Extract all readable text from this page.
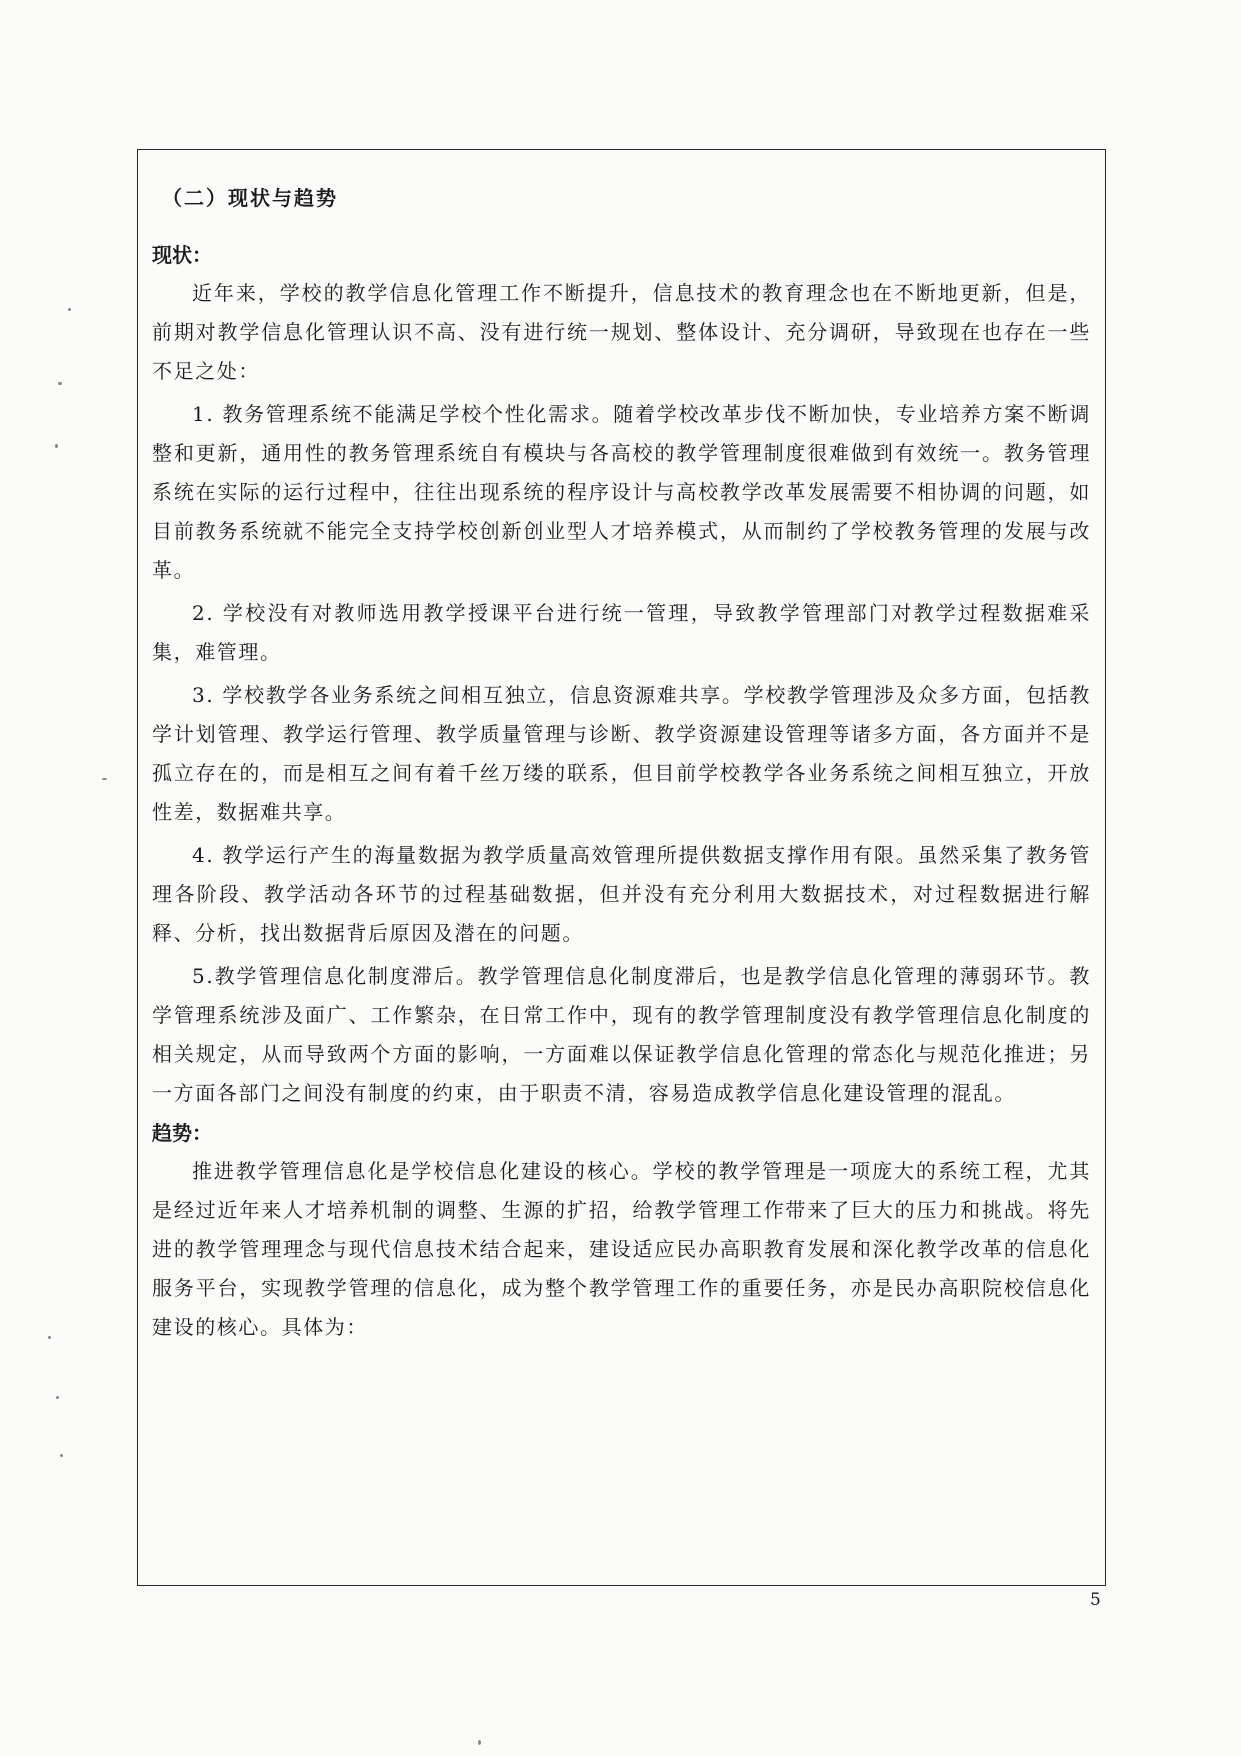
（二）现状与趋势
现状：

近年来，学校的教学信息化管理工作不断提升，信息技术的教育理念也在不断地更新，但是，前期对教学信息化管理认识不高、没有进行统一规划、整体设计、充分调研，导致现在也存在一些不足之处：

1. 教务管理系统不能满足学校个性化需求。随着学校改革步伐不断加快，专业培养方案不断调整和更新，通用性的教务管理系统自有模块与各高校的教学管理制度很难做到有效统一。教务管理系统在实际的运行过程中，往往出现系统的程序设计与高校教学改革发展需要不相协调的问题，如目前教务系统就不能完全支持学校创新创业型人才培养模式，从而制约了学校教务管理的发展与改革。

2. 学校没有对教师选用教学授课平台进行统一管理，导致教学管理部门对教学过程数据难采集，难管理。

3. 学校教学各业务系统之间相互独立，信息资源难共享。学校教学管理涉及众多方面，包括教学计划管理、教学运行管理、教学质量管理与诊断、教学资源建设管理等诸多方面，各方面并不是孤立存在的，而是相互之间有着千丝万缕的联系，但目前学校教学各业务系统之间相互独立，开放性差，数据难共享。

4. 教学运行产生的海量数据为教学质量高效管理所提供数据支撑作用有限。虽然采集了教务管理各阶段、教学活动各环节的过程基础数据，但并没有充分利用大数据技术，对过程数据进行解释、分析，找出数据背后原因及潜在的问题。

5.教学管理信息化制度滞后。教学管理信息化制度滞后，也是教学信息化管理的薄弱环节。教学管理系统涉及面广、工作繁杂，在日常工作中，现有的教学管理制度没有教学管理信息化制度的相关规定，从而导致两个方面的影响，一方面难以保证教学信息化管理的常态化与规范化推进；另一方面各部门之间没有制度的约束，由于职责不清，容易造成教学信息化建设管理的混乱。

趋势：

推进教学管理信息化是学校信息化建设的核心。学校的教学管理是一项庞大的系统工程，尤其是经过近年来人才培养机制的调整、生源的扩招，给教学管理工作带来了巨大的压力和挑战。将先进的教学管理理念与现代信息技术结合起来，建设适应民办高职教育发展和深化教学改革的信息化服务平台，实现教学管理的信息化，成为整个教学管理工作的重要任务，亦是民办高职院校信息化建设的核心。具体为：

5
